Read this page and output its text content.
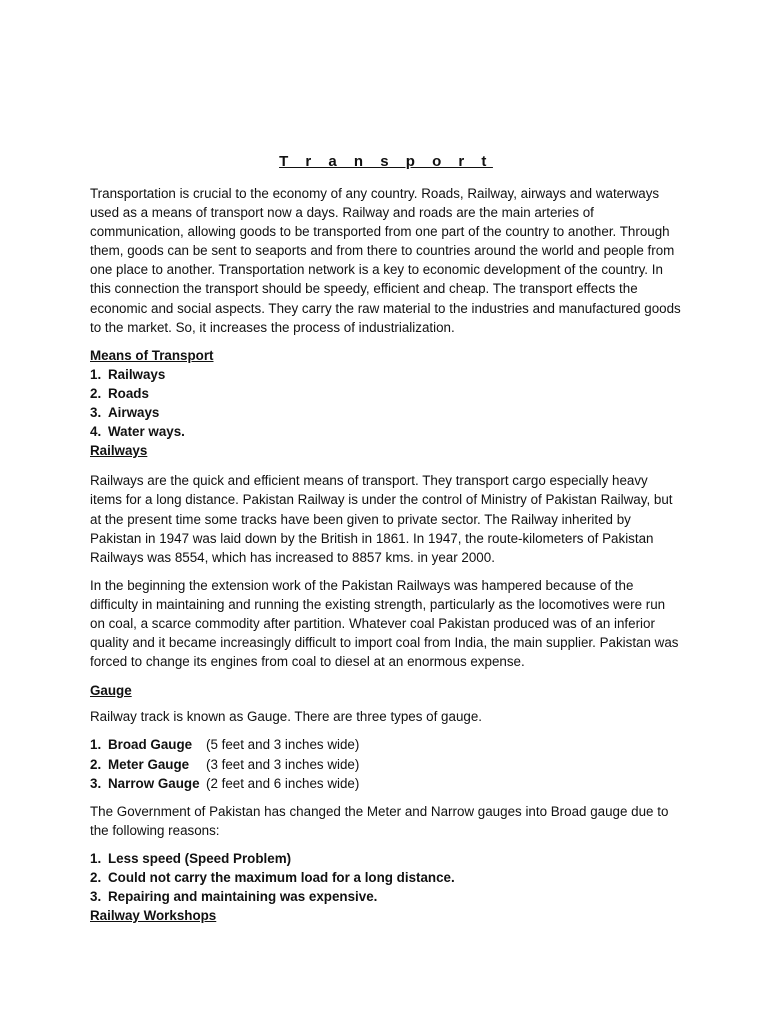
T r a n s p o r t

Transportation is crucial to the economy of any country. Roads, Railway, airways and waterways used as a means of transport now a days. Railway and roads are the main arteries of communication, allowing goods to be transported from one part of the country to another. Through them, goods can be sent to seaports and from there to countries around the world and people from one place to another. Transportation network is a key to economic development of the country. In this connection the transport should be speedy, efficient and cheap. The transport effects the economic and social aspects. They carry the raw material to the industries and manufactured goods to the market. So, it increases the process of industrialization.

Means of Transport
1. Railways
2. Roads
3. Airways
4. Water ways.
Railways

Railways are the quick and efficient means of transport. They transport cargo especially heavy items for a long distance. Pakistan Railway is under the control of Ministry of Pakistan Railway, but at the present time some tracks have been given to private sector. The Railway inherited by Pakistan in 1947 was laid down by the British in 1861. In 1947, the route-kilometers of Pakistan Railways was 8554, which has increased to 8857 kms. in year 2000.

In the beginning the extension work of the Pakistan Railways was hampered because of the difficulty in maintaining and running the existing strength, particularly as the locomotives were run on coal, a scarce commodity after partition. Whatever coal Pakistan produced was of an inferior quality and it became increasingly difficult to import coal from India, the main supplier. Pakistan was forced to change its engines from coal to diesel at an enormous expense.

Gauge

Railway track is known as Gauge. There are three types of gauge.

1. Broad Gauge (5 feet and 3 inches wide)
2. Meter Gauge (3 feet and 3 inches wide)
3. Narrow Gauge (2 feet and 6 inches wide)

The Government of Pakistan has changed the Meter and Narrow gauges into Broad gauge due to the following reasons:

1. Less speed (Speed Problem)
2. Could not carry the maximum load for a long distance.
3. Repairing and maintaining was expensive.
Railway Workshops
